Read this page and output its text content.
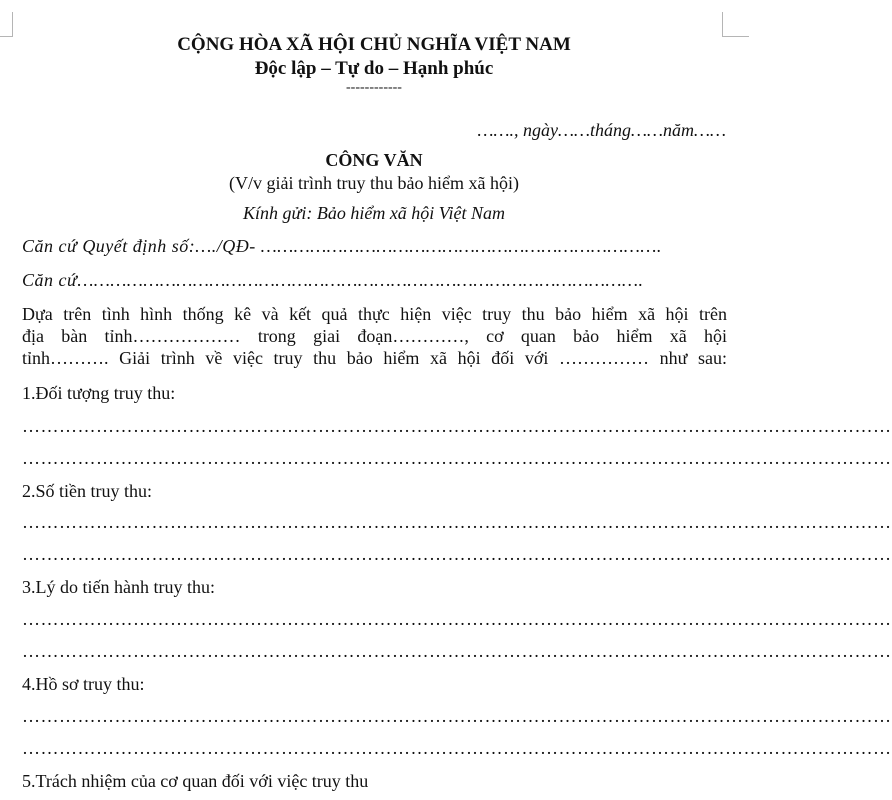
CỘNG HÒA XÃ HỘI CHỦ NGHĨA VIỆT NAM
Độc lập – Tự do – Hạnh phúc
------------
……., ngày……tháng……năm……
CÔNG VĂN
(V/v giải trình truy thu bảo hiểm xã hội)
Kính gửi: Bảo hiểm xã hội Việt Nam
Căn cứ Quyết định số:…./QĐ- ……………………………………………………………….
Căn cứ………………………………………………………………………………………….
Dựa trên tình hình thống kê và kết quả thực hiện việc truy thu bảo hiểm xã hội trên
địa bàn tỉnh……………… trong giai đoạn…………, cơ quan bảo hiểm xã hội
tỉnh………. Giải trình về việc truy thu bảo hiểm xã hội đối với …………… như sau:
1.Đối tượng truy thu:
……………………………………………………………………………………………………………………………
……………………………………………………………………………………………………………………………
2.Số tiền truy thu:
……………………………………………………………………………………………………………………………
……………………………………………………………………………………………………………………………
3.Lý do tiến hành truy thu:
……………………………………………………………………………………………………………………………
……………………………………………………………………………………………………………………………
4.Hồ sơ truy thu:
……………………………………………………………………………………………………………………………
……………………………………………………………………………………………………………………………
5.Trách nhiệm của cơ quan đối với việc truy thu
